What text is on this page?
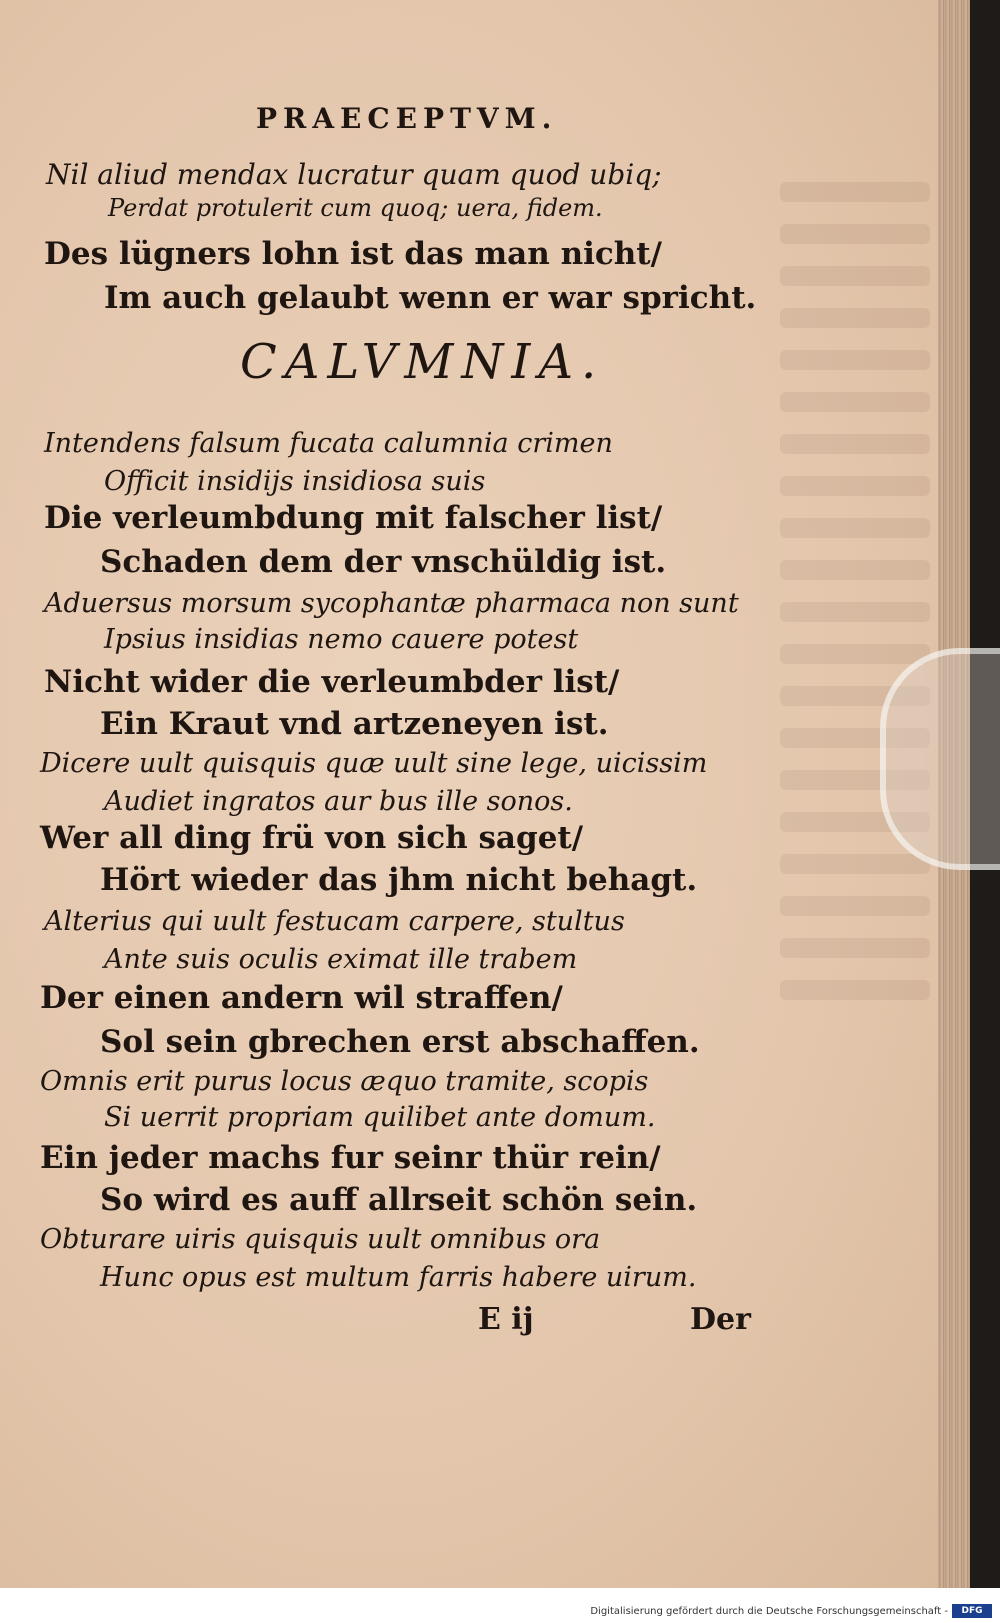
PRAECEPTVM.
Nil aliud mendax lucratur quam quod ubiq;
Perdat protulerit cum quoq; uera, fidem.
Des lügners lohn ist das man nicht/
Im auch gelaubt wenn er war spricht.
CALVMNIA.
Intendens falsum fucata calumnia crimen
Officit insidijs insidiosa suis
Die verleumbdung mit falscher list/
Schaden dem der vnschüldig ist.
Aduersus morsum sycophantæ pharmaca non sunt
Ipsius insidias nemo cauere potest
Nicht wider die verleumbder list/
Ein Kraut vnd artzeneyen ist.
Dicere uult quisquis quæ uult sine lege, uicissim
Audiet ingratos aur bus ille sonos.
Wer all ding frü von sich saget/
Hört wieder das jhm nicht behagt.
Alterius qui uult festucam carpere, stultus
Ante suis oculis eximat ille trabem
Der einen andern wil straffen/
Sol sein gbrechen erst abschaffen.
Omnis erit purus locus æquo tramite, scopis
Si uerrit propriam quilibet ante domum.
Ein jeder machs fur seinr thür rein/
So wird es auff allrseit schön sein.
Obturare uiris quisquis uult omnibus ora
Hunc opus est multum farris habere uirum.
E ij	Der
Digitalisierung gefördert durch die Deutsche Forschungsgemeinschaft -	DFG
